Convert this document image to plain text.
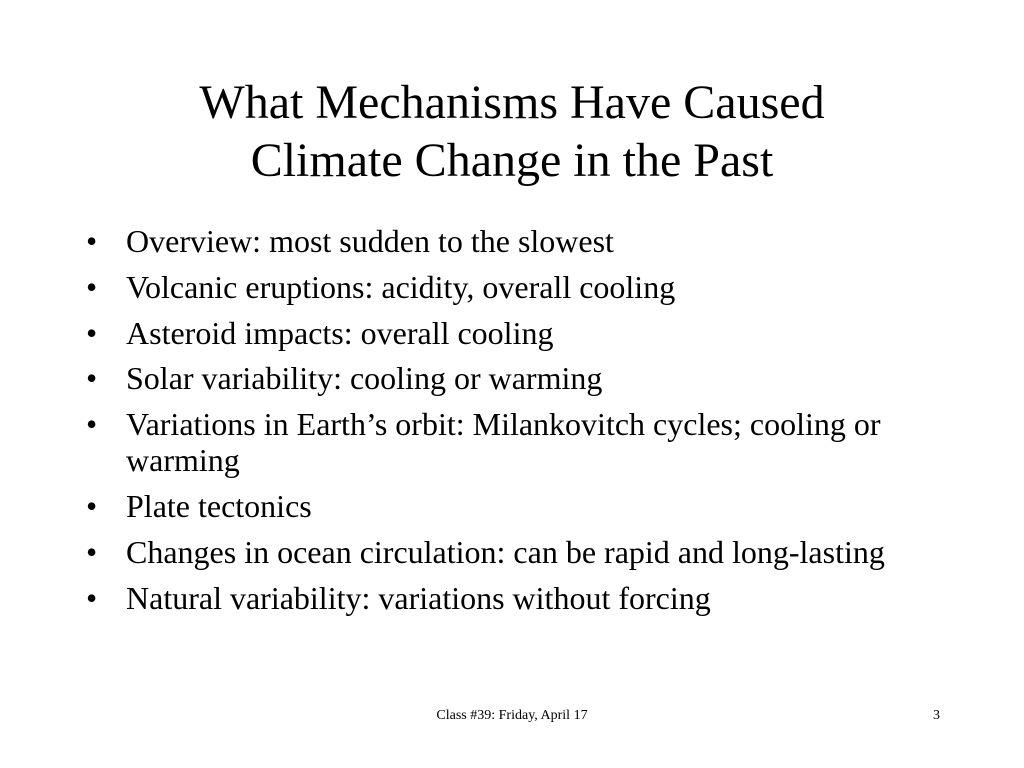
What Mechanisms Have Caused
Climate Change in the Past
• Overview: most sudden to the slowest
• Volcanic eruptions: acidity, overall cooling
• Asteroid impacts: overall cooling
• Solar variability: cooling or warming
• Variations in Earth’s orbit: Milankovitch cycles; cooling or warming
• Plate tectonics
• Changes in ocean circulation: can be rapid and long-lasting
• Natural variability: variations without forcing
Class #39: Friday, April 17	3
